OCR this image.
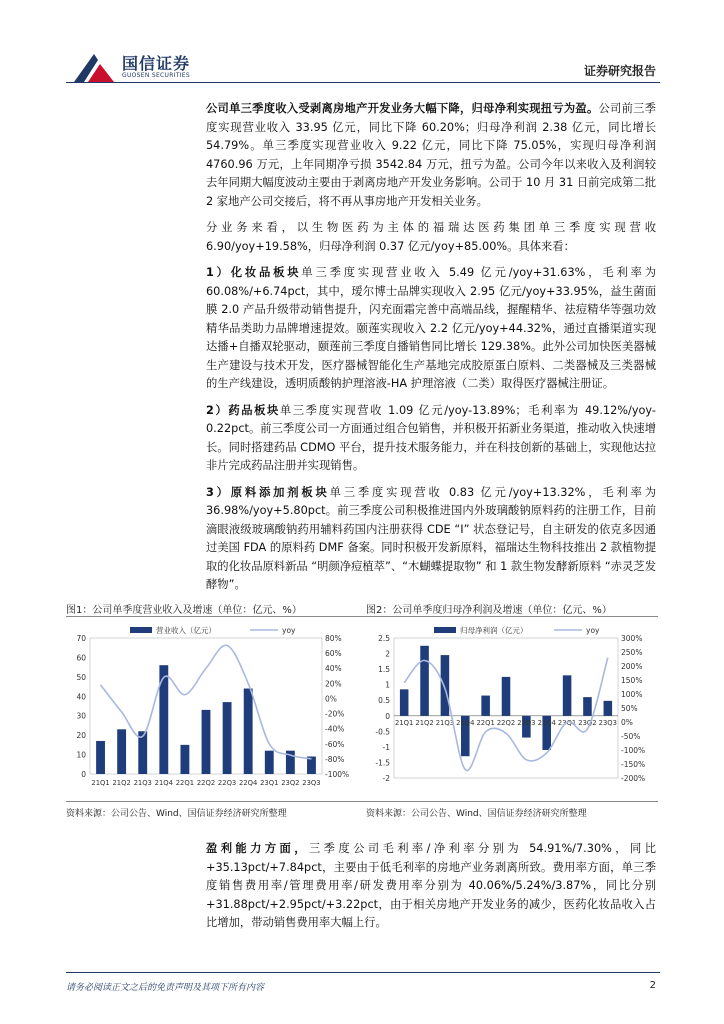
国信证券
GUOSEN SECURITIES	证券研究报告

公司单三季度收入受剥离房地产开发业务大幅下降，归母净利实现扭亏为盈。公司前三季度实现营业收入 33.95 亿元，同比下降 60.20%；归母净利润 2.38 亿元，同比增长 54.79%。单三季度实现营业收入 9.22 亿元，同比下降 75.05%，实现归母净利润 4760.96 万元，上年同期净亏损 3542.84 万元，扭亏为盈。公司今年以来收入及利润较去年同期大幅度波动主要由于剥离房地产开发业务影响。公司于 10 月 31 日前完成第二批 2 家地产公司交接后，将不再从事房地产开发相关业务。

分业务来看，以生物医药为主体的福瑞达医药集团单三季度实现营收 6.90/yoy+19.58%，归母净利润 0.37 亿元/yoy+85.00%。具体来看：

1）化妆品板块单三季度实现营业收入 5.49 亿元/yoy+31.63%，毛利率为 60.08%/+6.74pct，其中，瑷尔博士品牌实现收入 2.95 亿元/yoy+33.95%，益生菌面膜 2.0 产品升级带动销售提升，闪充面霜完善中高端品线，握醒精华、祛痘精华等强功效精华品类助力品牌增速提效。颐莲实现收入 2.2 亿元/yoy+44.32%，通过直播渠道实现达播+自播双轮驱动，颐莲前三季度自播销售同比增长 129.38%。此外公司加快医美器械生产建设与技术开发，医疗器械智能化生产基地完成胶原蛋白原料、二类器械及三类器械的生产线建设，透明质酸钠护理溶液-HA 护理溶液（二类）取得医疗器械注册证。

2）药品板块单三季度实现营收 1.09 亿元/yoy-13.89%；毛利率为 49.12%/yoy-0.22pct。前三季度公司一方面通过组合包销售，并积极开拓新业务渠道，推动收入快速增长。同时搭建药品 CDMO 平台，提升技术服务能力，并在科技创新的基础上，实现他达拉非片完成药品注册并实现销售。

3）原料添加剂板块单三季度实现营收 0.83 亿元/yoy+13.32%，毛利率为 36.98%/yoy+5.80pct。前三季度公司积极推进国内外玻璃酸钠原料药的注册工作，目前滴眼液级玻璃酸钠药用辅料药国内注册获得 CDE “I” 状态登记号，自主研发的依克多因通过美国 FDA 的原料药 DMF 备案。同时积极开发新原料，福瑞达生物科技推出 2 款植物提取的化妆品原料新品 “明颜净痘植萃”、“木蝴蝶提取物” 和 1 款生物发酵新原料 “赤灵芝发酵物”。

图1：公司单季度营业收入及增速（单位：亿元、%）	图2：公司单季度归母净利润及增速（单位：亿元、%）
0
10
20
30
40
50
60
70
-100%
-80%
-60%
-40%
-20%
0%
20%
40%
60%
80%
21Q1 21Q2 21Q3 21Q4 22Q1 22Q2 22Q3 22Q4 23Q1 23Q2 23Q3
营业收入（亿元）	yoy
-2
-1.5
-1
-0.5
0
0.5
1
1.5
2
2.5
-200%
-150%
-100%
-50%
0%
50%
100%
150%
200%
250%
300%
21Q1 21Q2 21Q3 21Q4 22Q1 22Q2 22Q3 22Q4 23Q1 23Q2 23Q3
归母净利润（亿元）	yoy
资料来源：公司公告、Wind、国信证券经济研究所整理	资料来源：公司公告、Wind、国信证券经济研究所整理

盈利能力方面，三季度公司毛利率/净利率分别为 54.91%/7.30%，同比+35.13pct/+7.84pct，主要由于低毛利率的房地产业务剥离所致。费用率方面，单三季度销售费用率/管理费用率/研发费用率分别为 40.06%/5.24%/3.87%，同比分别+31.88pct/+2.95pct/+3.22pct，由于相关房地产开发业务的减少，医药化妆品收入占比增加，带动销售费用率大幅上行。

请务必阅读正文之后的免责声明及其项下所有内容	2
